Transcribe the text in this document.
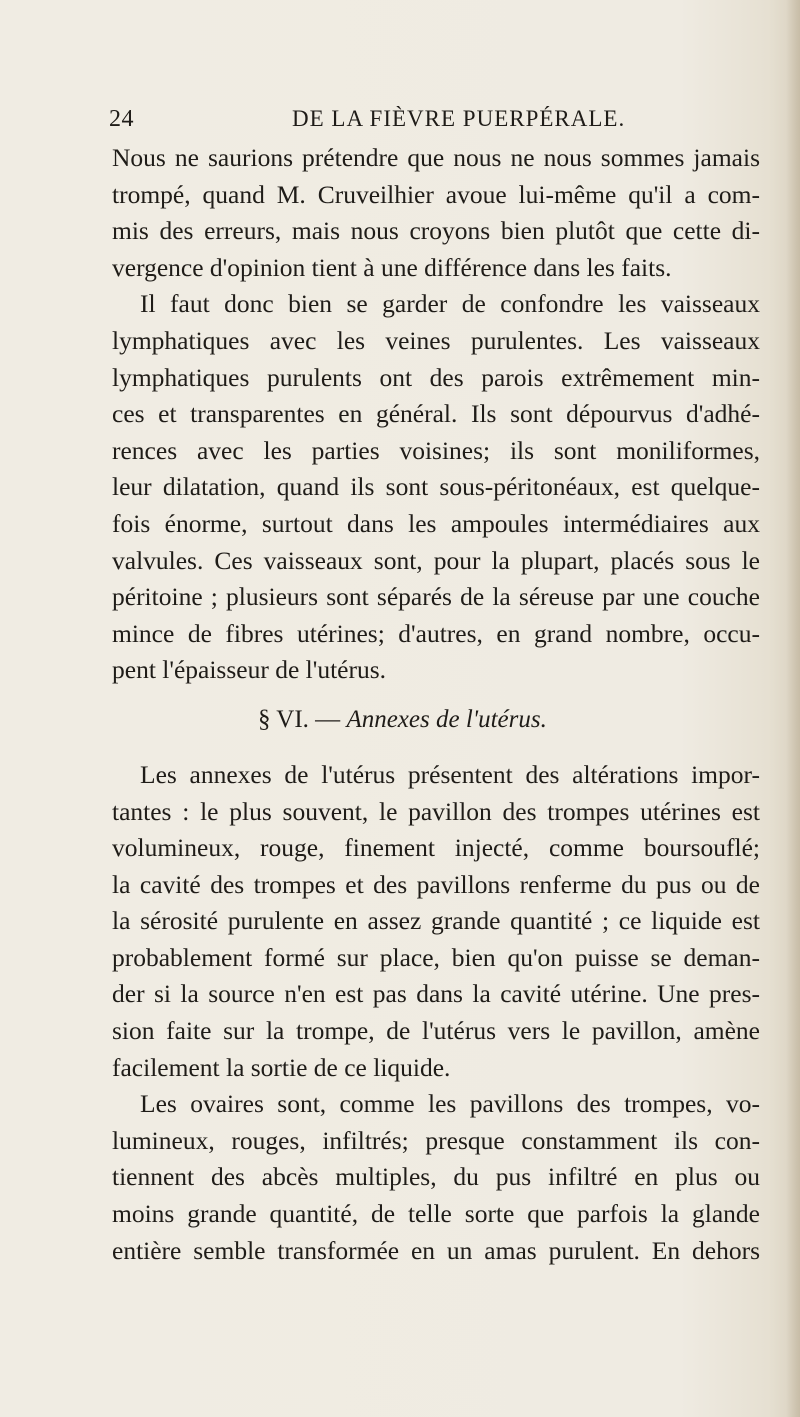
24	DE LA FIÈVRE PUERPÉRALE.
Nous ne saurions prétendre que nous ne nous sommes jamais
trompé, quand M. Cruveilhier avoue lui-même qu'il a com-
mis des erreurs, mais nous croyons bien plutôt que cette di-
vergence d'opinion tient à une différence dans les faits.
Il faut donc bien se garder de confondre les vaisseaux
lymphatiques avec les veines purulentes. Les vaisseaux
lymphatiques purulents ont des parois extrêmement min-
ces et transparentes en général. Ils sont dépourvus d'adhé-
rences avec les parties voisines; ils sont moniliformes,
leur dilatation, quand ils sont sous-péritonéaux, est quelque-
fois énorme, surtout dans les ampoules intermédiaires aux
valvules. Ces vaisseaux sont, pour la plupart, placés sous le
péritoine ; plusieurs sont séparés de la séreuse par une couche
mince de fibres utérines; d'autres, en grand nombre, occu-
pent l'épaisseur de l'utérus.
§ VI. — Annexes de l'utérus.
Les annexes de l'utérus présentent des altérations impor-
tantes : le plus souvent, le pavillon des trompes utérines est
volumineux, rouge, finement injecté, comme boursouflé;
la cavité des trompes et des pavillons renferme du pus ou de
la sérosité purulente en assez grande quantité ; ce liquide est
probablement formé sur place, bien qu'on puisse se deman-
der si la source n'en est pas dans la cavité utérine. Une pres-
sion faite sur la trompe, de l'utérus vers le pavillon, amène
facilement la sortie de ce liquide.
Les ovaires sont, comme les pavillons des trompes, vo-
lumineux, rouges, infiltrés; presque constamment ils con-
tiennent des abcès multiples, du pus infiltré en plus ou
moins grande quantité, de telle sorte que parfois la glande
entière semble transformée en un amas purulent. En dehors
